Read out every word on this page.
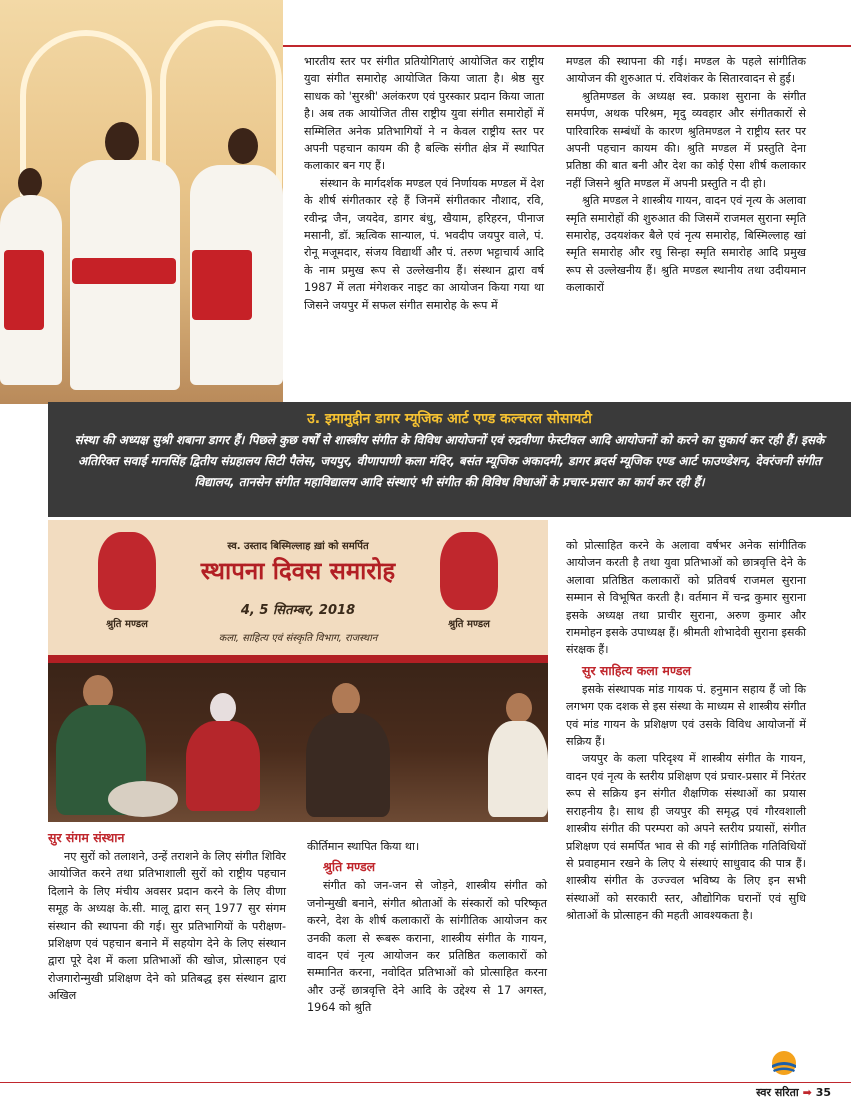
भारतीय स्तर पर संगीत प्रतियोगिताएं आयोजित कर राष्ट्रीय युवा संगीत समारोह आयोजित किया जाता है। श्रेष्ठ सुर साधक को 'सुरश्री' अलंकरण एवं पुरस्कार प्रदान किया जाता है। अब तक आयोजित तीस राष्ट्रीय युवा संगीत समारोहों में सम्मिलित अनेक प्रतिभागियों ने न केवल राष्ट्रीय स्तर पर अपनी पहचान कायम की है बल्कि संगीत क्षेत्र में स्थापित कलाकार बन गए हैं।

संस्थान के मार्गदर्शक मण्डल एवं निर्णायक मण्डल में देश के शीर्ष संगीतकार रहे हैं जिनमें संगीतकार नौशाद, रवि, रवीन्द्र जैन, जयदेव, डागर बंधु, खैयाम, हरिहरन, पीनाज मसानी, डॉ. ऋत्विक सान्याल, पं. भवदीप जयपुर वाले, पं. रोनू मजूमदार, संजय विद्यार्थी और पं. तरुण भट्टाचार्य आदि के नाम प्रमुख रूप से उल्लेखनीय हैं। संस्थान द्वारा वर्ष 1987 में लता मंगेशकर नाइट का आयोजन किया गया था जिसने जयपुर में सफल संगीत समारोह के रूप में

मण्डल की स्थापना की गई। मण्डल के पहले सांगीतिक आयोजन की शुरुआत पं. रविशंकर के सितारवादन से हुई।

श्रुतिमण्डल के अध्यक्ष स्व. प्रकाश सुराना के संगीत समर्पण, अथक परिश्रम, मृदु व्यवहार और संगीतकारों से पारिवारिक सम्बंधों के कारण श्रुतिमण्डल ने राष्ट्रीय स्तर पर अपनी पहचान कायम की। श्रुति मण्डल में प्रस्तुति देना प्रतिष्ठा की बात बनी और देश का कोई ऐसा शीर्ष कलाकार नहीं जिसने श्रुति मण्डल में अपनी प्रस्तुति न दी हो।

श्रुति मण्डल ने शास्त्रीय गायन, वादन एवं नृत्य के अलावा स्मृति समारोहों की शुरुआत की जिसमें राजमल सुराना स्मृति समारोह, उदयशंकर बैले एवं नृत्य समारोह, बिस्मिल्लाह खां स्मृति समारोह और रघु सिन्हा स्मृति समारोह आदि प्रमुख रूप से उल्लेखनीय हैं। श्रुति मण्डल स्थानीय तथा उदीयमान कलाकारों

उ. इमामुद्दीन डागर म्यूजिक आर्ट एण्ड कल्चरल सोसायटी
संस्था की अध्यक्ष सुश्री शबाना डागर हैं। पिछले कुछ वर्षों से शास्त्रीय संगीत के विविध आयोजनों एवं रुद्रवीणा फेस्टीवल आदि आयोजनों को करने का सुकार्य कर रही हैं। इसके अतिरिक्त सवाई मानसिंह द्वितीय संग्रहालय सिटी पैलेस, जयपुर, वीणापाणी कला मंदिर, बसंत म्यूजिक अकादमी, डागर ब्रदर्स म्यूजिक एण्ड आर्ट फाउण्डेशन, देवरंजनी संगीत विद्यालय, तानसेन संगीत महाविद्यालय आदि संस्थाएं भी संगीत की विविध विधाओं के प्रचार-प्रसार का कार्य कर रही हैं।
श्रुति मण्डल	श्रुति मण्डल
स्व. उस्ताद बिस्मिल्लाह ख़ां को समर्पित
स्थापना दिवस समारोह
4, 5 सितम्बर, 2018
कला, साहित्य एवं संस्कृति विभाग, राजस्थान

को प्रोत्साहित करने के अलावा वर्षभर अनेक सांगीतिक आयोजन करती है तथा युवा प्रतिभाओं को छात्रवृत्ति देने के अलावा प्रतिष्ठित कलाकारों को प्रतिवर्ष राजमल सुराना सम्मान से विभूषित करती है। वर्तमान में चन्द्र कुमार सुराना इसके अध्यक्ष तथा प्राचीर सुराना, अरुण कुमार और राममोहन इसके उपाध्यक्ष हैं। श्रीमती शोभादेवी सुराना इसकी संरक्षक हैं।

सुर साहित्य कला मण्डल

इसके संस्थापक मांड गायक पं. हनुमान सहाय हैं जो कि लगभग एक दशक से इस संस्था के माध्यम से शास्त्रीय संगीत एवं मांड गायन के प्रशिक्षण एवं उसके विविध आयोजनों में सक्रिय हैं।

जयपुर के कला परिदृश्य में शास्त्रीय संगीत के गायन, वादन एवं नृत्य के स्तरीय प्रशिक्षण एवं प्रचार-प्रसार में निरंतर रूप से सक्रिय इन संगीत शैक्षणिक संस्थाओं का प्रयास सराहनीय है। साथ ही जयपुर की समृद्ध एवं गौरवशाली शास्त्रीय संगीत की परम्परा को अपने स्तरीय प्रयासों, संगीत प्रशिक्षण एवं समर्पित भाव से की गई सांगीतिक गतिविधियों से प्रवाहमान रखने के लिए ये संस्थाएं साधुवाद की पात्र हैं। शास्त्रीय संगीत के उज्ज्वल भविष्य के लिए इन सभी संस्थाओं को सरकारी स्तर, औद्योगिक घरानों एवं सुधि श्रोताओं के प्रोत्साहन की महती आवश्यकता है।

सुर संगम संस्थान

नए सुरों को तलाशने, उन्हें तराशने के लिए संगीत शिविर आयोजित करने तथा प्रतिभाशाली सुरों को राष्ट्रीय पहचान दिलाने के लिए मंचीय अवसर प्रदान करने के लिए वीणा समूह के अध्यक्ष के.सी. मालू द्वारा सन् 1977 सुर संगम संस्थान की स्थापना की गई। सुर प्रतिभागियों के परीक्षण-प्रशिक्षण एवं पहचान बनाने में सहयोग देने के लिए संस्थान द्वारा पूरे देश में कला प्रतिभाओं की खोज, प्रोत्साहन एवं रोजगारोन्मुखी प्रशिक्षण देने को प्रतिबद्ध इस संस्थान द्वारा अखिल

कीर्तिमान स्थापित किया था।

श्रुति मण्डल

संगीत को जन-जन से जोड़ने, शास्त्रीय संगीत को जनोन्मुखी बनाने, संगीत श्रोताओं के संस्कारों को परिष्कृत करने, देश के शीर्ष कलाकारों के सांगीतिक आयोजन कर उनकी कला से रूबरू कराना, शास्त्रीय संगीत के गायन, वादन एवं नृत्य आयोजन कर प्रतिष्ठित कलाकारों को सम्मानित करना, नवोदित प्रतिभाओं को प्रोत्साहित करना और उन्हें छात्रवृत्ति देने आदि के उद्देश्य से 17 अगस्त, 1964 को श्रुति

स्वर सरिता ➡ 35
